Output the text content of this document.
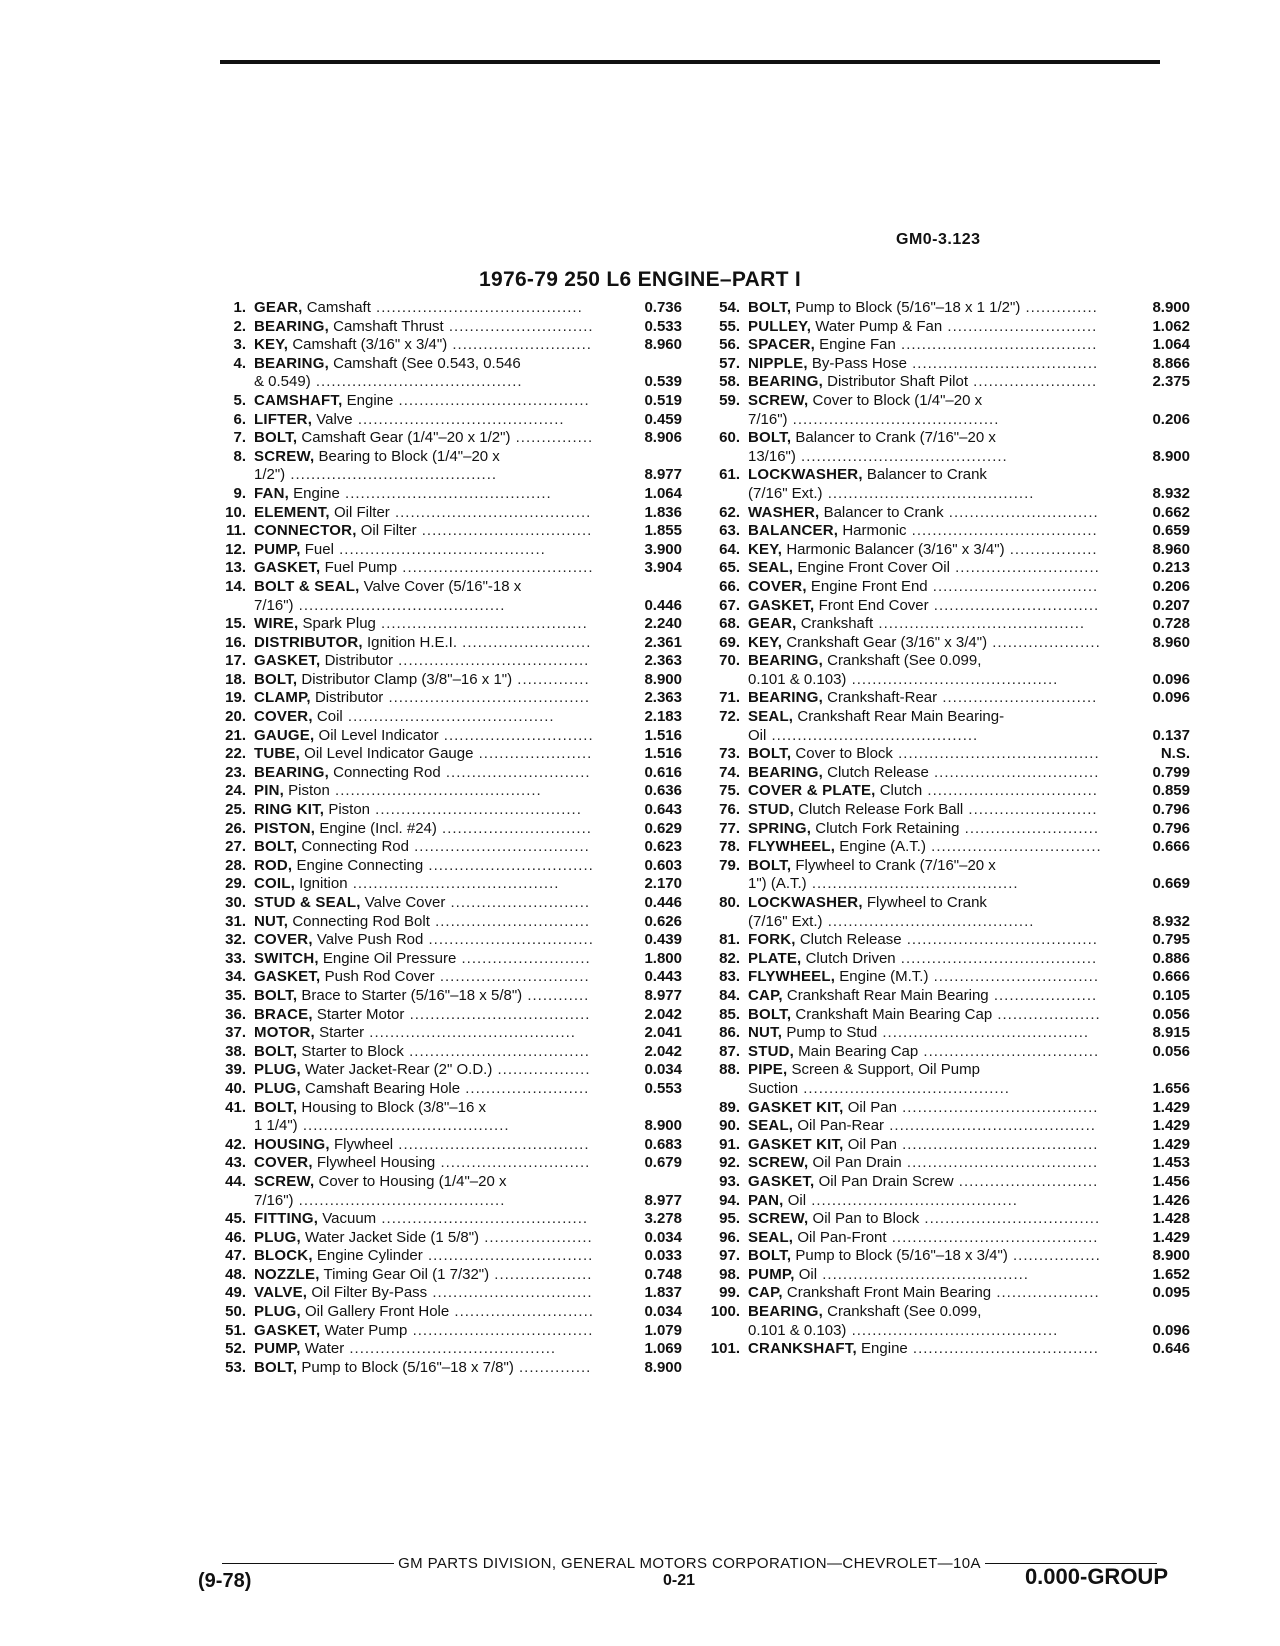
GM0-3.123
1976-79 250 L6 ENGINE–PART I
1. GEAR, Camshaft ........................................	0.736
2. BEARING, Camshaft Thrust ............................	0.533
3. KEY, Camshaft (3/16" x 3/4") ...........................	8.960
4. BEARING, Camshaft (See 0.543, 0.546
& 0.549) ........................................	0.539
5. CAMSHAFT, Engine .....................................	0.519
6. LIFTER, Valve ........................................	0.459
7. BOLT, Camshaft Gear (1/4"–20 x 1/2") ...............	8.906
8. SCREW, Bearing to Block (1/4"–20 x
1/2") ........................................	8.977
9. FAN, Engine ........................................	1.064
10. ELEMENT, Oil Filter ......................................	1.836
11. CONNECTOR, Oil Filter .................................	1.855
12. PUMP, Fuel ........................................	3.900
13. GASKET, Fuel Pump .....................................	3.904
14. BOLT & SEAL, Valve Cover (5/16"-18 x
7/16") ........................................	0.446
15. WIRE, Spark Plug ........................................	2.240
16. DISTRIBUTOR, Ignition H.E.I. .........................	2.361
17. GASKET, Distributor .....................................	2.363
18. BOLT, Distributor Clamp (3/8"–16 x 1") ..............	8.900
19. CLAMP, Distributor .......................................	2.363
20. COVER, Coil ........................................	2.183
21. GAUGE, Oil Level Indicator .............................	1.516
22. TUBE, Oil Level Indicator Gauge ......................	1.516
23. BEARING, Connecting Rod ............................	0.616
24. PIN, Piston ........................................	0.636
25. RING KIT, Piston ........................................	0.643
26. PISTON, Engine (Incl. #24) .............................	0.629
27. BOLT, Connecting Rod ..................................	0.623
28. ROD, Engine Connecting ................................	0.603
29. COIL, Ignition ........................................	2.170
30. STUD & SEAL, Valve Cover ...........................	0.446
31. NUT, Connecting Rod Bolt ..............................	0.626
32. COVER, Valve Push Rod ................................	0.439
33. SWITCH, Engine Oil Pressure .........................	1.800
34. GASKET, Push Rod Cover .............................	0.443
35. BOLT, Brace to Starter (5/16"–18 x 5/8") ............	8.977
36. BRACE, Starter Motor ...................................	2.042
37. MOTOR, Starter ........................................	2.041
38. BOLT, Starter to Block ...................................	2.042
39. PLUG, Water Jacket-Rear (2" O.D.) ..................	0.034
40. PLUG, Camshaft Bearing Hole ........................	0.553
41. BOLT, Housing to Block (3/8"–16 x
1 1/4") ........................................	8.900
42. HOUSING, Flywheel .....................................	0.683
43. COVER, Flywheel Housing .............................	0.679
44. SCREW, Cover to Housing (1/4"–20 x
7/16") ........................................	8.977
45. FITTING, Vacuum ........................................	3.278
46. PLUG, Water Jacket Side (1 5/8") .....................	0.034
47. BLOCK, Engine Cylinder ................................	0.033
48. NOZZLE, Timing Gear Oil (1 7/32") ...................	0.748
49. VALVE, Oil Filter By-Pass ...............................	1.837
50. PLUG, Oil Gallery Front Hole ...........................	0.034
51. GASKET, Water Pump ...................................	1.079
52. PUMP, Water ........................................	1.069
53. BOLT, Pump to Block (5/16"–18 x 7/8") ..............	8.900
54. BOLT, Pump to Block (5/16"–18 x 1 1/2") ..............	8.900
55. PULLEY, Water Pump & Fan .............................	1.062
56. SPACER, Engine Fan ......................................	1.064
57. NIPPLE, By-Pass Hose ....................................	8.866
58. BEARING, Distributor Shaft Pilot ........................	2.375
59. SCREW, Cover to Block (1/4"–20 x
7/16") ........................................	0.206
60. BOLT, Balancer to Crank (7/16"–20 x
13/16") ........................................	8.900
61. LOCKWASHER, Balancer to Crank
(7/16" Ext.) ........................................	8.932
62. WASHER, Balancer to Crank .............................	0.662
63. BALANCER, Harmonic ....................................	0.659
64. KEY, Harmonic Balancer (3/16" x 3/4") .................	8.960
65. SEAL, Engine Front Cover Oil ............................	0.213
66. COVER, Engine Front End ................................	0.206
67. GASKET, Front End Cover ................................	0.207
68. GEAR, Crankshaft ........................................	0.728
69. KEY, Crankshaft Gear (3/16" x 3/4") .....................	8.960
70. BEARING, Crankshaft (See 0.099,
0.101 & 0.103) ........................................	0.096
71. BEARING, Crankshaft-Rear ..............................	0.096
72. SEAL, Crankshaft Rear Main Bearing-
Oil ........................................	0.137
73. BOLT, Cover to Block .......................................	N.S.
74. BEARING, Clutch Release ................................	0.799
75. COVER & PLATE, Clutch .................................	0.859
76. STUD, Clutch Release Fork Ball .........................	0.796
77. SPRING, Clutch Fork Retaining ..........................	0.796
78. FLYWHEEL, Engine (A.T.) .................................	0.666
79. BOLT, Flywheel to Crank (7/16"–20 x
1") (A.T.) ........................................	0.669
80. LOCKWASHER, Flywheel to Crank
(7/16" Ext.) ........................................	8.932
81. FORK, Clutch Release .....................................	0.795
82. PLATE, Clutch Driven ......................................	0.886
83. FLYWHEEL, Engine (M.T.) ................................	0.666
84. CAP, Crankshaft Rear Main Bearing ....................	0.105
85. BOLT, Crankshaft Main Bearing Cap ....................	0.056
86. NUT, Pump to Stud ........................................	8.915
87. STUD, Main Bearing Cap ..................................	0.056
88. PIPE, Screen & Support, Oil Pump
Suction ........................................	1.656
89. GASKET KIT, Oil Pan ......................................	1.429
90. SEAL, Oil Pan-Rear ........................................	1.429
91. GASKET KIT, Oil Pan ......................................	1.429
92. SCREW, Oil Pan Drain .....................................	1.453
93. GASKET, Oil Pan Drain Screw ...........................	1.456
94. PAN, Oil ........................................	1.426
95. SCREW, Oil Pan to Block ..................................	1.428
96. SEAL, Oil Pan-Front ........................................	1.429
97. BOLT, Pump to Block (5/16"–18 x 3/4") .................	8.900
98. PUMP, Oil ........................................	1.652
99. CAP, Crankshaft Front Main Bearing ....................	0.095
100. BEARING, Crankshaft (See 0.099,
0.101 & 0.103) ........................................	0.096
101. CRANKSHAFT, Engine ....................................	0.646
GM PARTS DIVISION, GENERAL MOTORS CORPORATION—CHEVROLET—10A
(9-78)	0-21	0.000-GROUP
